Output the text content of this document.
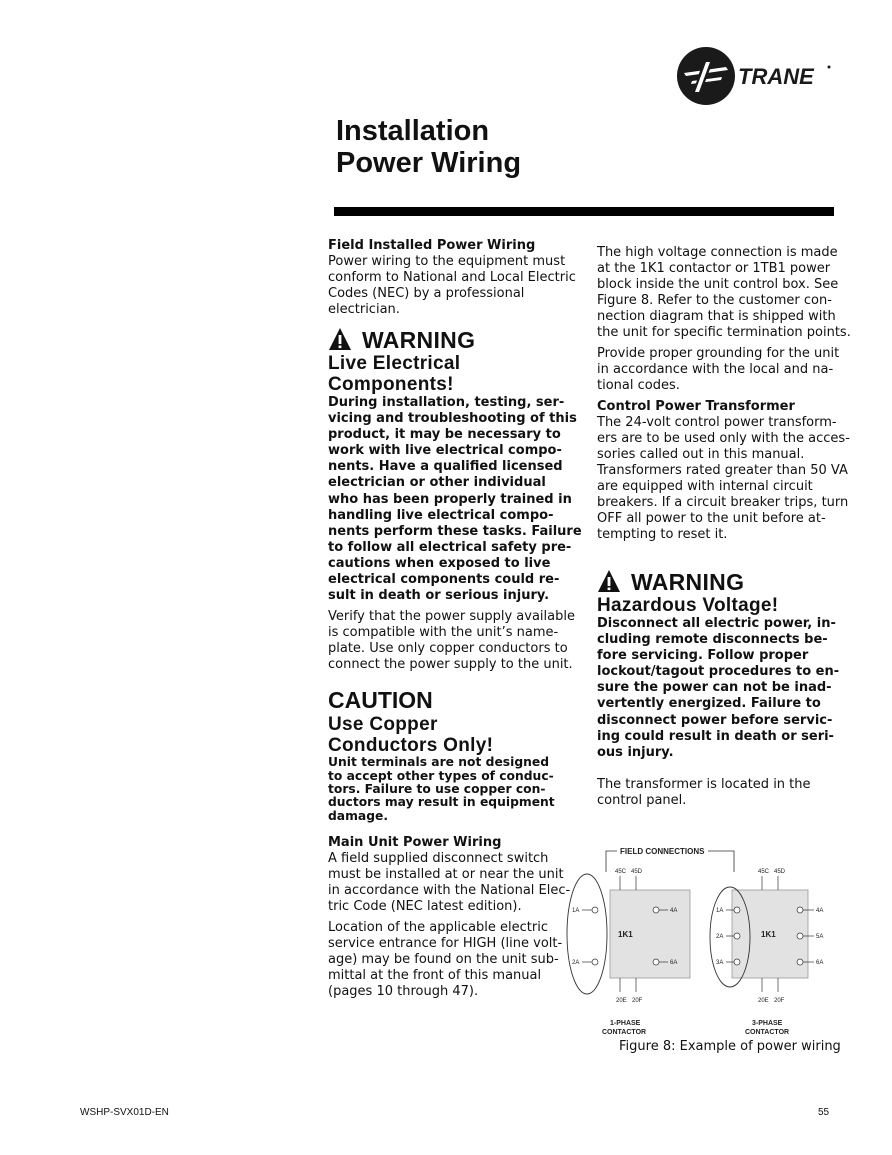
TRANE
Installation
Power Wiring
Field Installed Power Wiring
Power wiring to the equipment must
conform to National and Local Electric
Codes (NEC) by a professional
electrician.
WARNING
Live Electrical
Components!
During installation, testing, ser-
vicing and troubleshooting of this
product, it may be necessary to
work with live electrical compo-
nents. Have a qualified licensed
electrician or other individual
who has been properly trained in
handling live electrical compo-
nents perform these tasks. Failure
to follow all electrical safety pre-
cautions when exposed to live
electrical components could re-
sult in death or serious injury.
Verify that the power supply available
is compatible with the unit’s name-
plate. Use only copper conductors to
connect the power supply to the unit.
CAUTION
Use Copper
Conductors Only!
Unit terminals are not designed
to accept other types of conduc-
tors. Failure to use copper con-
ductors may result in equipment
damage.
Main Unit Power Wiring
A field supplied disconnect switch
must be installed at or near the unit
in accordance with the National Elec-
tric Code (NEC latest edition).
Location of the applicable electric
service entrance for HIGH (line volt-
age) may be found on the unit sub-
mittal at the front of this manual
(pages 10 through 47).
The high voltage connection is made
at the 1K1 contactor or 1TB1 power
block inside the unit control box. See
Figure 8. Refer to the customer con-
nection diagram that is shipped with
the unit for specific termination points.
Provide proper grounding for the unit
in accordance with the local and na-
tional codes.
Control Power Transformer
The 24-volt control power transform-
ers are to be used only with the acces-
sories called out in this manual.
Transformers rated greater than 50 VA
are equipped with internal circuit
breakers. If a circuit breaker trips, turn
OFF all power to the unit before at-
tempting to reset it.
WARNING
Hazardous Voltage!
Disconnect all electric power, in-
cluding remote disconnects be-
fore servicing. Follow proper
lockout/tagout procedures to en-
sure the power can not be inad-
vertently energized. Failure to
disconnect power before servic-
ing could result in death or seri-
ous injury.
The transformer is located in the
control panel.
FIELD CONNECTIONS
45C 45D
1A
2A
1K1
4A
6A
20E 20F
1-PHASE
CONTACTOR
45C 45D
1A
2A
3A
1K1
4A
5A
6A
20E 20F
3-PHASE
CONTACTOR
Figure 8: Example of power wiring
WSHP-SVX01D-EN	55
